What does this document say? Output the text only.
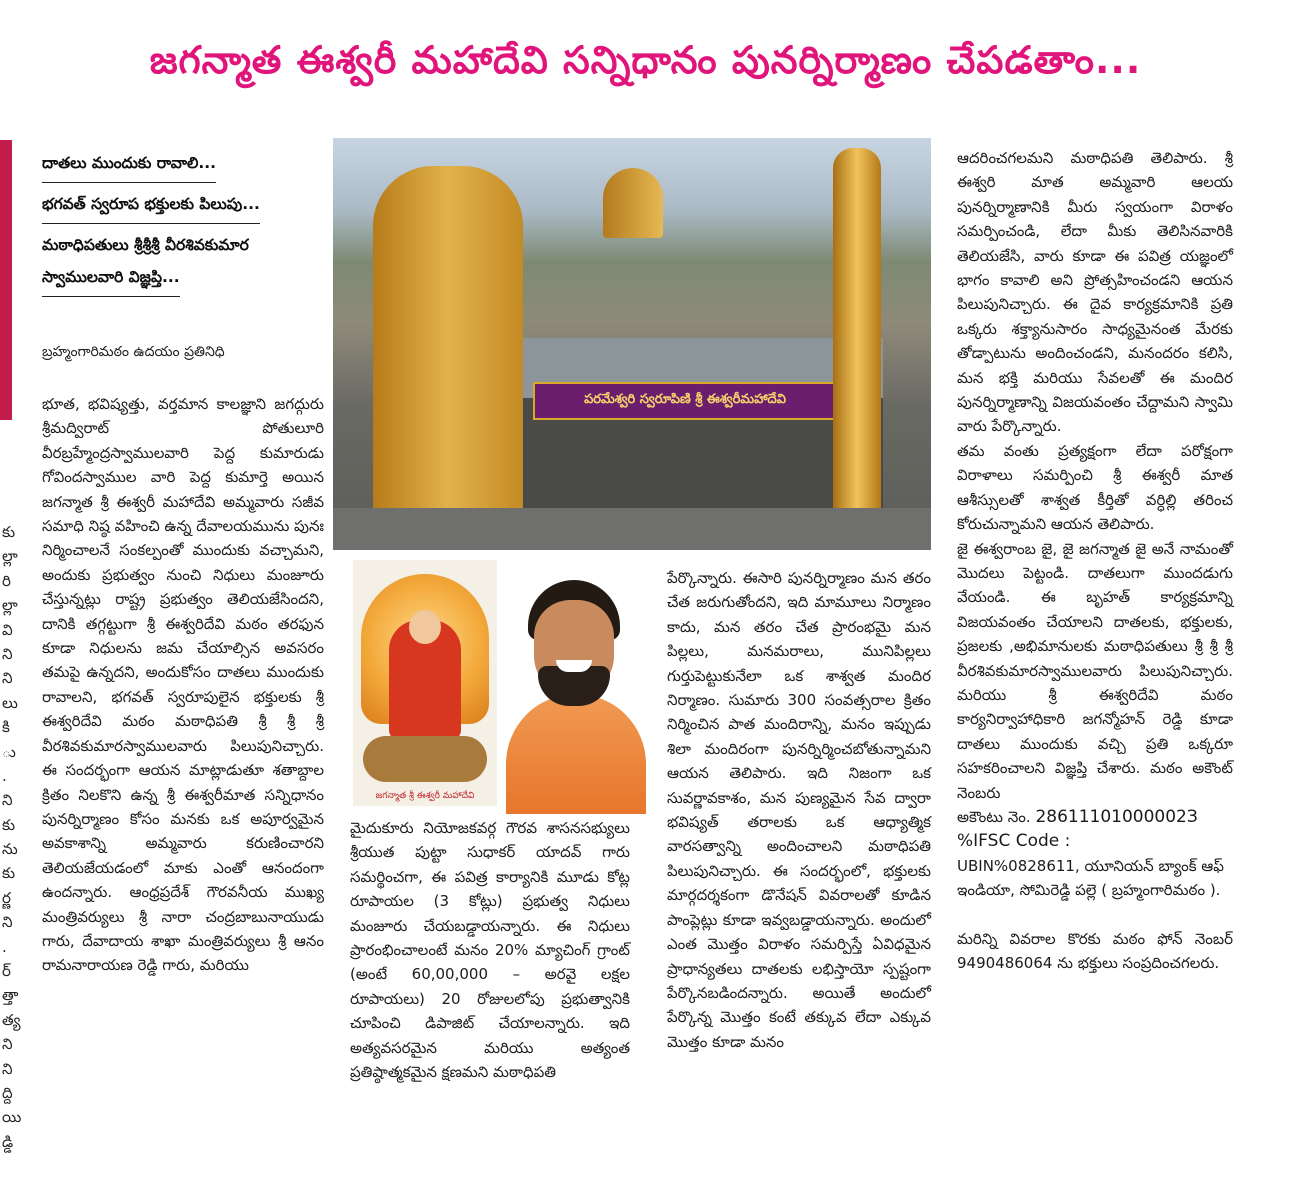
జగన్మాత ఈశ్వరీ మహాదేవి సన్నిధానం పునర్నిర్మాణం చేపడతాం...
కు
ల్లా
రి
ల్లా
వి
ని
ని
లు
కి
ు
.
ని
కు
ను
కు
ర్ణ
ని
.
ర్
త్తా
త్య
ని
ని
ద్ది
యి
డ్డి
దాతలు ముందుకు రావాలి... భగవత్ స్వరూప భక్తులకు పిలుపు... మఠాధిపతులు శ్రీశ్రీశ్రీ వీరశివకుమార స్వాములవారి విజ్ఞప్తి...
బ్రహ్మంగారిమఠం ఉదయం ప్రతినిధి

భూత, భవిష్యత్తు, వర్తమాన కాలజ్ఞాని జగద్గురు శ్రీమద్విరాట్ పోతులూరి వీరబ్రహ్మేంద్రస్వాములవారి పెద్ద కుమారుడు గోవిందస్వాముల వారి పెద్ద కుమార్తె అయిన జగన్మాత శ్రీ ఈశ్వరీ మహాదేవి అమ్మవారు సజీవ సమాధి నిష్ఠ వహించి ఉన్న దేవాలయమును పునః నిర్మించాలనే సంకల్పంతో ముందుకు వచ్చామని, అందుకు ప్రభుత్వం నుంచి నిధులు మంజూరు చేస్తున్నట్లు రాష్ట్ర ప్రభుత్వం తెలియజేసిందని, దానికి తగ్గట్టుగా శ్రీ ఈశ్వరిదేవి మఠం తరఫున కూడా నిధులను జమ చేయాల్సిన అవసరం తమపై ఉన్నదని, అందుకోసం దాతలు ముందుకు రావాలని, భగవత్ స్వరూపులైన భక్తులకు శ్రీ ఈశ్వరిదేవి మఠం మఠాధిపతి శ్రీ శ్రీ శ్రీ వీరశివకుమారస్వాములవారు పిలుపునిచ్చారు. ఈ సందర్భంగా ఆయన మాట్లాడుతూ శతాబ్దాల క్రితం నిలకొని ఉన్న శ్రీ ఈశ్వరీమాత సన్నిధానం పునర్నిర్మాణం కోసం మనకు ఒక అపూర్వమైన అవకాశాన్ని అమ్మవారు కరుణించారని తెలియజేయడంలో మాకు ఎంతో ఆనందంగా ఉందన్నారు. ఆంధ్రప్రదేశ్ గౌరవనీయ ముఖ్య మంత్రివర్యులు శ్రీ నారా చంద్రబాబునాయుడు గారు, దేవాదాయ శాఖా మంత్రివర్యులు శ్రీ ఆనం రామనారాయణ రెడ్డి గారు, మరియు

పరమేశ్వరి స్వరూపిణి శ్రీ ఈశ్వరీమహాదేవి
జగన్మాత శ్రీ ఈశ్వరీ మహాదేవి

మైదుకూరు నియోజకవర్గ గౌరవ శాసనసభ్యులు శ్రీయుత పుట్టా సుధాకర్ యాదవ్ గారు సమర్థించగా, ఈ పవిత్ర కార్యానికి మూడు కోట్ల రూపాయల (3 కోట్లు) ప్రభుత్వ నిధులు మంజూరు చేయబడ్డాయన్నారు. ఈ నిధులు ప్రారంభించాలంటే మనం 20% మ్యాచింగ్ గ్రాంట్ (అంటే 60,00,000 – అరవై లక్షల రూపాయలు) 20 రోజులలోపు ప్రభుత్వానికి చూపించి డిపాజిట్ చేయాలన్నారు. ఇది అత్యవసరమైన మరియు అత్యంత ప్రతిష్ఠాత్మకమైన క్షణమని మఠాధిపతి

పేర్కొన్నారు. ఈసారి పునర్నిర్మాణం మన తరం చేత జరుగుతోందని, ఇది మామూలు నిర్మాణం కాదు, మన తరం చేత ప్రారంభమై మన పిల్లలు, మనమరాలు, మునిపిల్లలు గుర్తుపెట్టుకునేలా ఒక శాశ్వత మందిర నిర్మాణం. సుమారు 300 సంవత్సరాల క్రితం నిర్మించిన పాత మందిరాన్ని, మనం ఇప్పుడు శిలా మందిరంగా పునర్నిర్మించబోతున్నామని ఆయన తెలిపారు. ఇది నిజంగా ఒక సువర్ణావకాశం, మన పుణ్యమైన సేవ ద్వారా భవిష్యత్ తరాలకు ఒక ఆధ్యాత్మిక వారసత్వాన్ని అందించాలని మఠాధిపతి పిలుపునిచ్చారు. ఈ సందర్భంలో, భక్తులకు మార్గదర్శకంగా డొనేషన్ వివరాలతో కూడిన పాంప్లెట్లు కూడా ఇవ్వబడ్డాయన్నారు. అందులో ఎంత మొత్తం విరాళం సమర్పిస్తే ఏవిధమైన ప్రాధాన్యతలు దాతలకు లభిస్తాయో స్పష్టంగా పేర్కొనబడిందన్నారు. అయితే అందులో పేర్కొన్న మొత్తం కంటే తక్కువ లేదా ఎక్కువ మొత్తం కూడా మనం

ఆదరించగలమని మఠాధిపతి తెలిపారు. శ్రీ ఈశ్వరి మాత అమ్మవారి ఆలయ పునర్నిర్మాణానికి మీరు స్వయంగా విరాళం సమర్పించండి, లేదా మీకు తెలిసినవారికి తెలియజేసి, వారు కూడా ఈ పవిత్ర యజ్ఞంలో భాగం కావాలి అని ప్రోత్సహించండని ఆయన పిలుపునిచ్చారు. ఈ దైవ కార్యక్రమానికి ప్రతి ఒక్కరు శక్త్యానుసారం సాధ్యమైనంత మేరకు తోడ్పాటును అందించండని, మనందరం కలిసి, మన భక్తి మరియు సేవలతో ఈ మందిర పునర్నిర్మాణాన్ని విజయవంతం చేద్దామని స్వామి వారు పేర్కొన్నారు.

తమ వంతు ప్రత్యక్షంగా లేదా పరోక్షంగా విరాళాలు సమర్పించి శ్రీ ఈశ్వరీ మాత ఆశీస్సులతో శాశ్వత కీర్తితో వర్ధిల్లి తరించ కోరుచున్నామని ఆయన తెలిపారు.

జై ఈశ్వరాంబ జై, జై జగన్మాత జై అనే నామంతో మొదలు పెట్టండి. దాతలుగా ముందడుగు వేయండి. ఈ బృహత్ కార్యక్రమాన్ని విజయవంతం చేయాలని దాతలకు, భక్తులకు, ప్రజలకు ,అభిమానులకు మఠాధిపతులు శ్రీ శ్రీ శ్రీ వీరశివకుమారస్వాములవారు పిలుపునిచ్చారు. మరియు శ్రీ ఈశ్వరిదేవి మఠం కార్యనిర్వాహాధికారి జగన్మోహన్ రెడ్డి కూడా దాతలు ముందుకు వచ్చి ప్రతి ఒక్కరూ సహకరించాలని విజ్ఞప్తి చేశారు. మఠం అకౌంట్ నెంబరు

అకౌంటు నెం. 28611101000002З
%IFSC Code :
UBIN%0828611, యూనియన్ బ్యాంక్ ఆఫ్ ఇండియా, సోమిరెడ్డి పల్లె ( బ్రహ్మంగారిమఠం ).

మరిన్ని వివరాల కొరకు మఠం ఫోన్ నెంబర్ 9490486064 ను భక్తులు సంప్రదించగలరు.
